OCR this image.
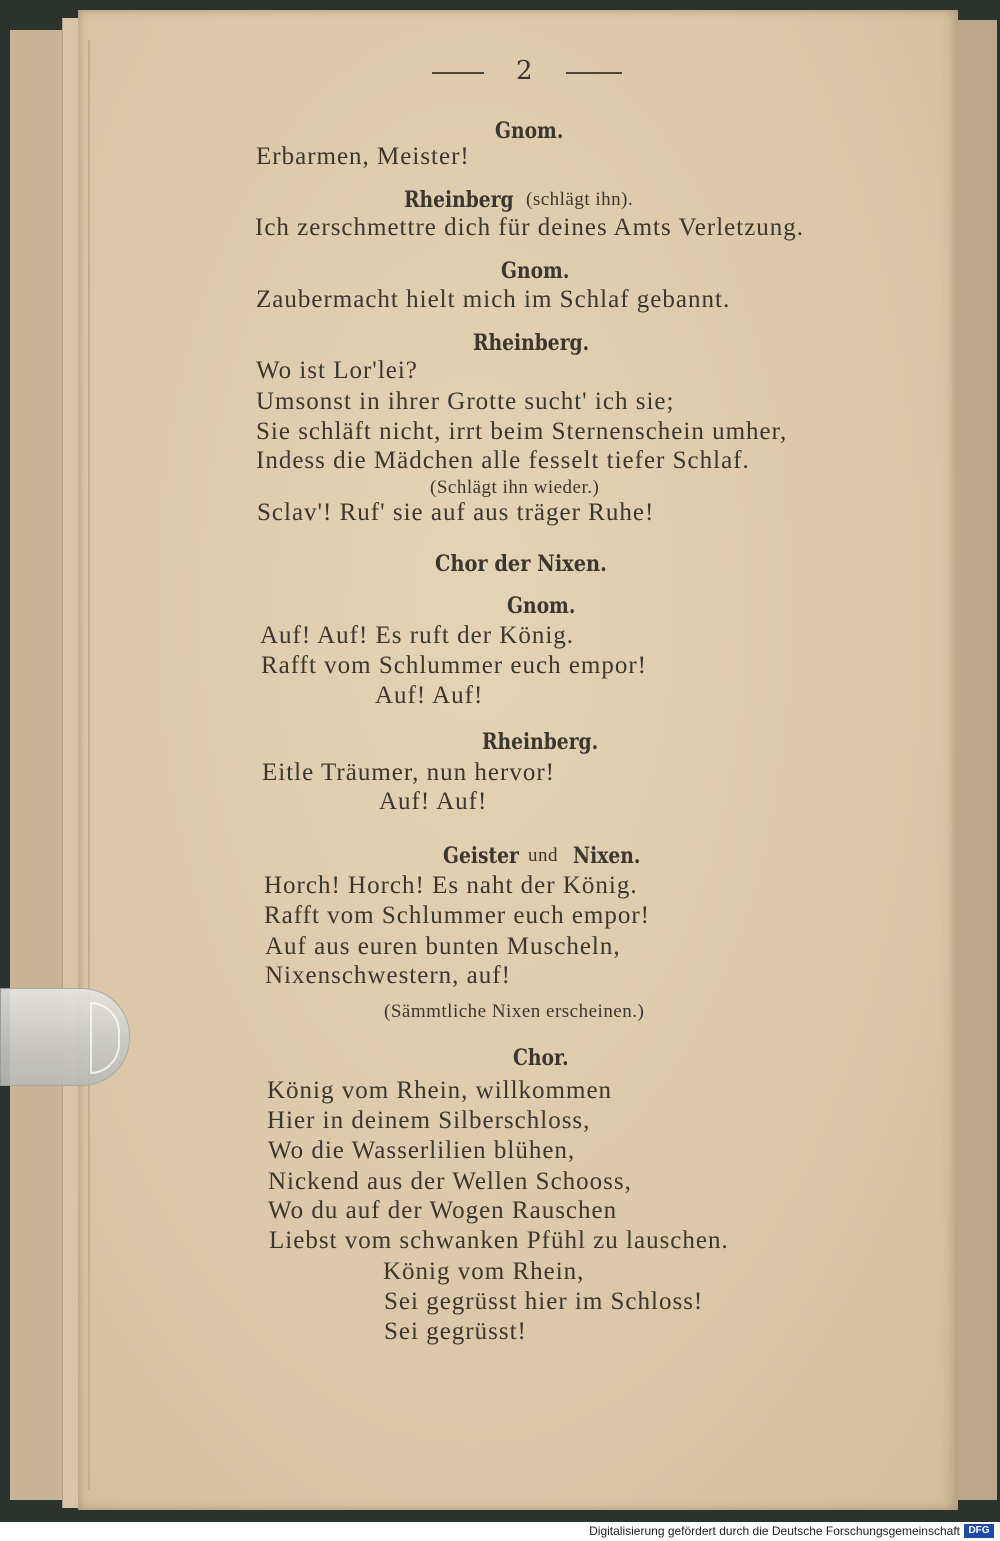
2
Gnom.
Erbarmen, Meister!
Rheinberg (schlägt ihn).
Ich zerschmettre dich für deines Amts Verletzung.
Gnom.
Zaubermacht hielt mich im Schlaf gebannt.
Rheinberg.
Wo ist Lor'lei?
Umsonst in ihrer Grotte sucht' ich sie;
Sie schläft nicht, irrt beim Sternenschein umher,
Indess die Mädchen alle fesselt tiefer Schlaf.
(Schlägt ihn wieder.)
Sclav'! Ruf' sie auf aus träger Ruhe!
Chor der Nixen.
Gnom.
Auf! Auf! Es ruft der König.
Rafft vom Schlummer euch empor!
Auf! Auf!
Rheinberg.
Eitle Träumer, nun hervor!
Auf! Auf!
Geister und Nixen.
Horch! Horch! Es naht der König.
Rafft vom Schlummer euch empor!
Auf aus euren bunten Muscheln,
Nixenschwestern, auf!
(Sämmtliche Nixen erscheinen.)
Chor.
König vom Rhein, willkommen
Hier in deinem Silberschloss,
Wo die Wasserlilien blühen,
Nickend aus der Wellen Schooss,
Wo du auf der Wogen Rauschen
Liebst vom schwanken Pfühl zu lauschen.
König vom Rhein,
Sei gegrüsst hier im Schloss!
Sei gegrüsst!
Digitalisierung gefördert durch die Deutsche Forschungsgemeinschaft DFG
